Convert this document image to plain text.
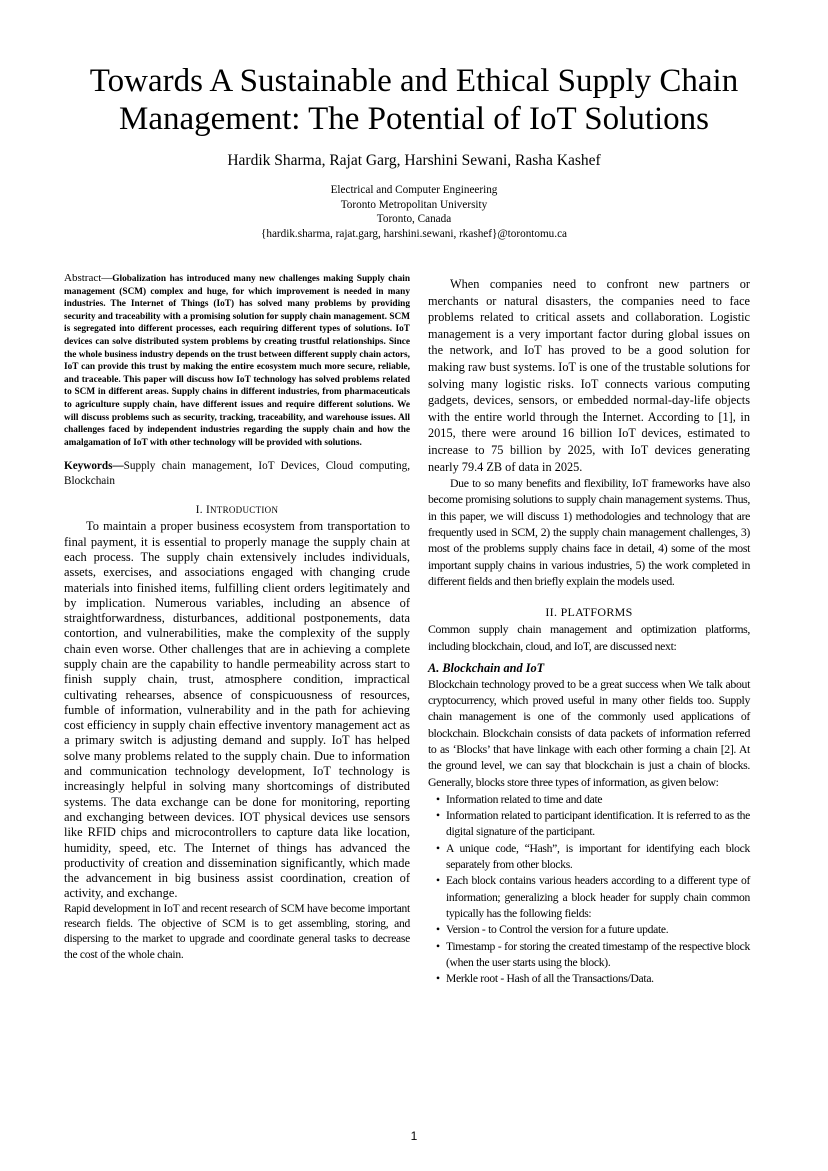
Towards A Sustainable and Ethical Supply Chain
Management: The Potential of IoT Solutions
Hardik Sharma, Rajat Garg, Harshini Sewani, Rasha Kashef
Electrical and Computer Engineering
Toronto Metropolitan University
Toronto, Canada
{hardik.sharma, rajat.garg, harshini.sewani, rkashef}@torontomu.ca

Abstract—Globalization has introduced many new challenges making Supply chain management (SCM) complex and huge, for which improvement is needed in many industries. The Internet of Things (IoT) has solved many problems by providing security and traceability with a promising solution for supply chain management. SCM is segregated into different processes, each requiring different types of solutions. IoT devices can solve distributed system problems by creating trustful relationships. Since the whole business industry depends on the trust between different supply chain actors, IoT can provide this trust by making the entire ecosystem much more secure, reliable, and traceable. This paper will discuss how IoT technology has solved problems related to SCM in different areas. Supply chains in different industries, from pharmaceuticals to agriculture supply chain, have different issues and require different solutions. We will discuss problems such as security, tracking, traceability, and warehouse issues. All challenges faced by independent industries regarding the supply chain and how the amalgamation of IoT with other technology will be provided with solutions.

Keywords—Supply chain management, IoT Devices, Cloud computing, Blockchain

I. INTRODUCTION

To maintain a proper business ecosystem from transportation to final payment, it is essential to properly manage the supply chain at each process. The supply chain extensively includes individuals, assets, exercises, and associations engaged with changing crude materials into finished items, fulfilling client orders legitimately and by implication. Numerous variables, including an absence of straightforwardness, disturbances, additional postponements, data contortion, and vulnerabilities, make the complexity of the supply chain even worse. Other challenges that are in achieving a complete supply chain are the capability to handle permeability across start to finish supply chain, trust, atmosphere condition, impractical cultivating rehearses, absence of conspicuousness of resources, fumble of information, vulnerability and in the path for achieving cost efficiency in supply chain effective inventory management act as a primary switch is adjusting demand and supply. IoT has helped solve many problems related to the supply chain. Due to information and communication technology development, IoT technology is increasingly helpful in solving many shortcomings of distributed systems. The data exchange can be done for monitoring, reporting and exchanging between devices. IOT physical devices use sensors like RFID chips and microcontrollers to capture data like location, humidity, speed, etc. The Internet of things has advanced the productivity of creation and dissemination significantly, which made the advancement in big business assist coordination, creation of activity, and exchange.

Rapid development in IoT and recent research of SCM have become important research fields. The objective of SCM is to get assembling, storing, and dispersing to the market to upgrade and coordinate general tasks to decrease the cost of the whole chain.

When companies need to confront new partners or merchants or natural disasters, the companies need to face problems related to critical assets and collaboration. Logistic management is a very important factor during global issues on the network, and IoT has proved to be a good solution for making raw bust systems. IoT is one of the trustable solutions for solving many logistic risks. IoT connects various computing gadgets, devices, sensors, or embedded normal-day-life objects with the entire world through the Internet. According to [1], in 2015, there were around 16 billion IoT devices, estimated to increase to 75 billion by 2025, with IoT devices generating nearly 79.4 ZB of data in 2025.

Due to so many benefits and flexibility, IoT frameworks have also become promising solutions to supply chain management systems. Thus, in this paper, we will discuss 1) methodologies and technology that are frequently used in SCM, 2) the supply chain management challenges, 3) most of the problems supply chains face in detail, 4) some of the most important supply chains in various industries, 5) the work completed in different fields and then briefly explain the models used.

II. PLATFORMS

Common supply chain management and optimization platforms, including blockchain, cloud, and IoT, are discussed next:

A. Blockchain and IoT

Blockchain technology proved to be a great success when We talk about cryptocurrency, which proved useful in many other fields too. Supply chain management is one of the commonly used applications of blockchain. Blockchain consists of data packets of information referred to as ‘Blocks’ that have linkage with each other forming a chain [2]. At the ground level, we can say that blockchain is just a chain of blocks. Generally, blocks store three types of information, as given below:

• Information related to time and date
• Information related to participant identification. It is referred to as the digital signature of the participant.
• A unique code, “Hash”, is important for identifying each block separately from other blocks.
• Each block contains various headers according to a different type of information; generalizing a block header for supply chain common typically has the following fields:
• Version - to Control the version for a future update.
• Timestamp - for storing the created timestamp of the respective block (when the user starts using the block).
• Merkle root - Hash of all the Transactions/Data.
1
